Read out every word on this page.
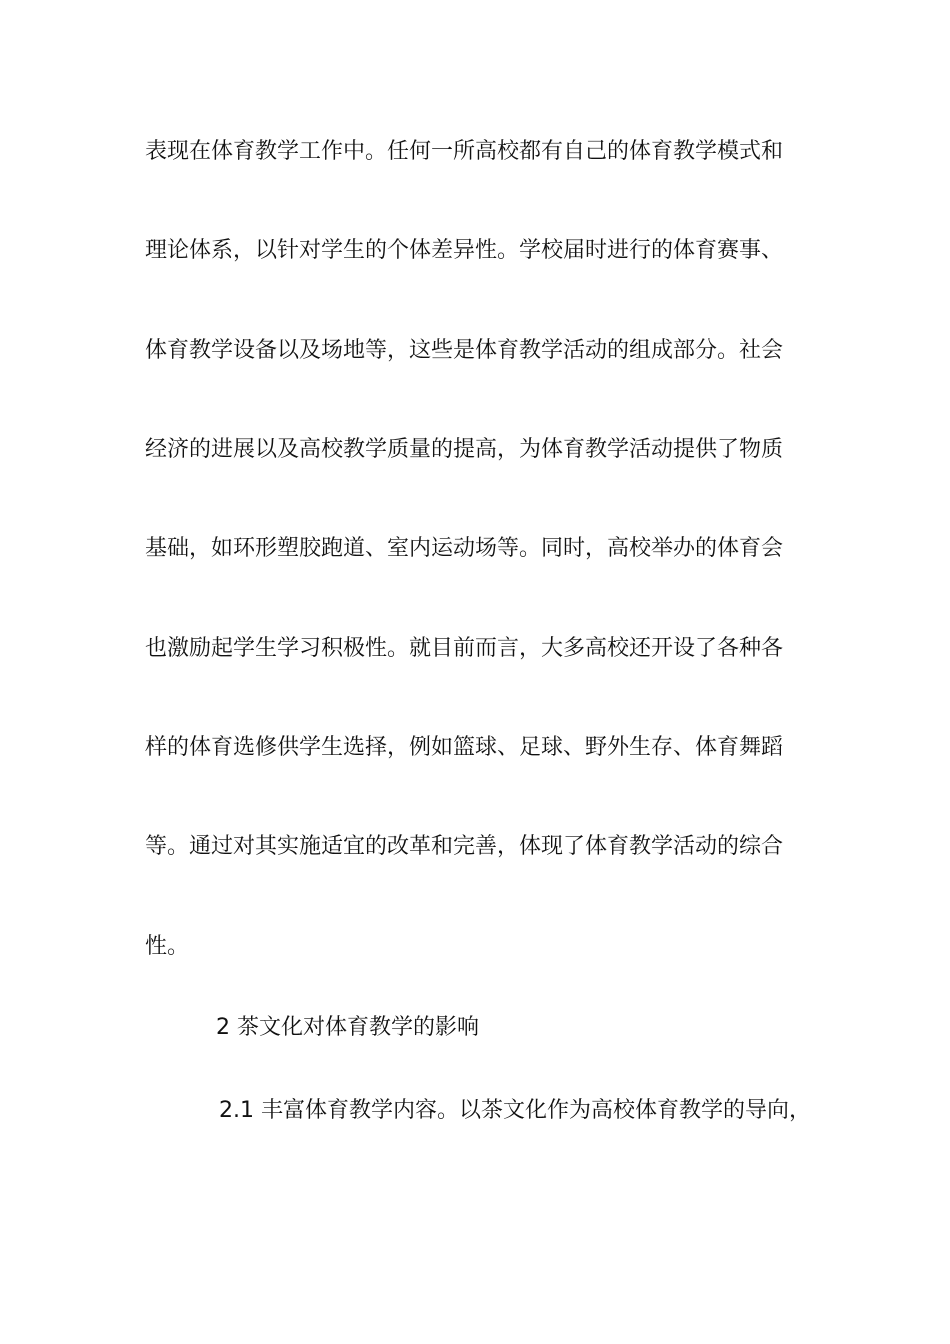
表现在体育教学工作中。任何一所高校都有自己的体育教学模式和
理论体系，以针对学生的个体差异性。学校届时进行的体育赛事、
体育教学设备以及场地等，这些是体育教学活动的组成部分。社会
经济的进展以及高校教学质量的提高，为体育教学活动提供了物质
基础，如环形塑胶跑道、室内运动场等。同时，高校举办的体育会
也激励起学生学习积极性。就目前而言，大多高校还开设了各种各
样的体育选修供学生选择，例如篮球、足球、野外生存、体育舞蹈
等。通过对其实施适宜的改革和完善，体现了体育教学活动的综合
性。
2 茶文化对体育教学的影响
2.1 丰富体育教学内容。以茶文化作为高校体育教学的导向，
